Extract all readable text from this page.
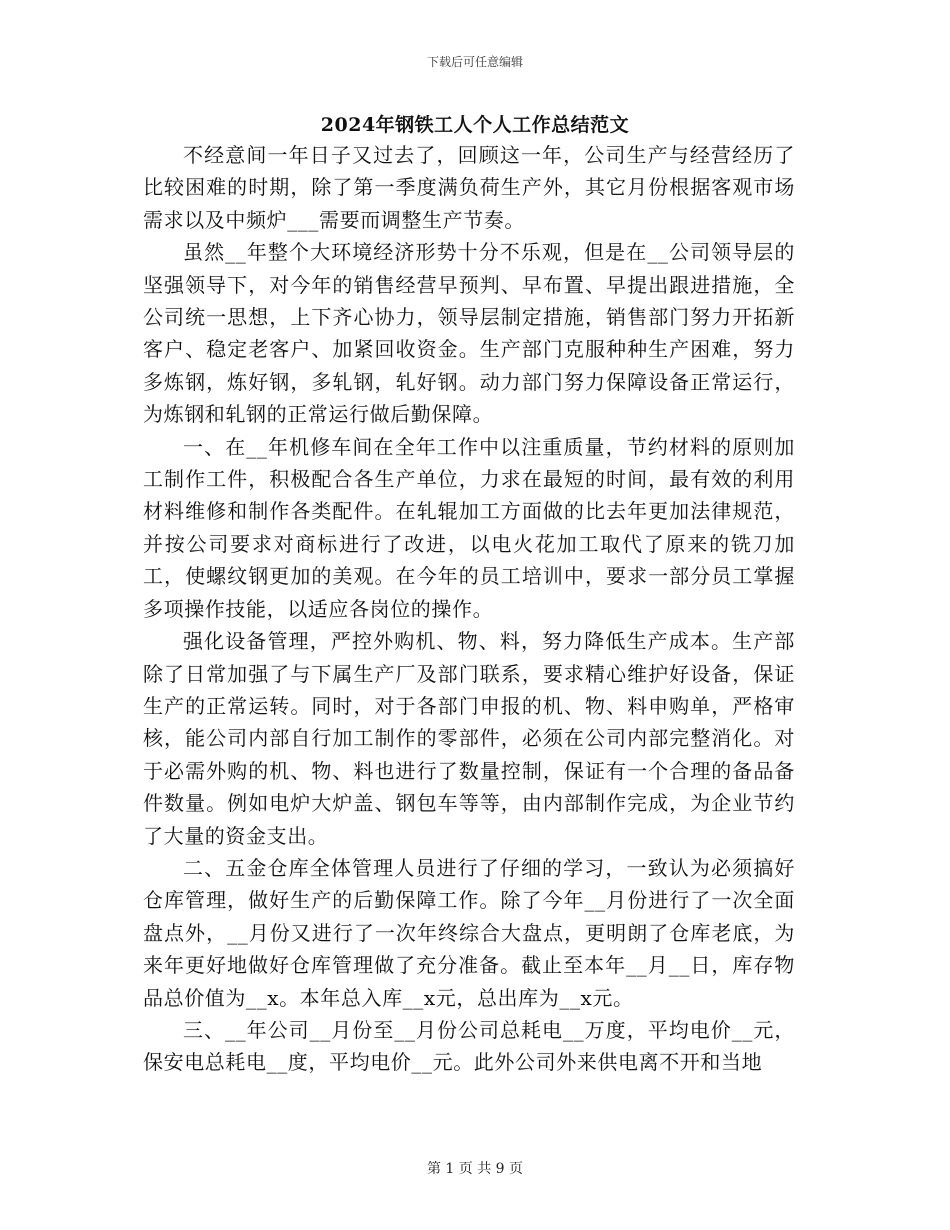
下载后可任意编辑
2024年钢铁工人个人工作总结范文

不经意间一年日子又过去了，回顾这一年，公司生产与经营经历了比较困难的时期，除了第一季度满负荷生产外，其它月份根据客观市场需求以及中频炉___需要而调整生产节奏。

虽然__年整个大环境经济形势十分不乐观，但是在__公司领导层的坚强领导下，对今年的销售经营早预判、早布置、早提出跟进措施，全公司统一思想，上下齐心协力，领导层制定措施，销售部门努力开拓新客户、稳定老客户、加紧回收资金。生产部门克服种种生产困难，努力多炼钢，炼好钢，多轧钢，轧好钢。动力部门努力保障设备正常运行，为炼钢和轧钢的正常运行做后勤保障。

一、在__年机修车间在全年工作中以注重质量，节约材料的原则加工制作工件，积极配合各生产单位，力求在最短的时间，最有效的利用材料维修和制作各类配件。在轧辊加工方面做的比去年更加法律规范，并按公司要求对商标进行了改进，以电火花加工取代了原来的铣刀加工，使螺纹钢更加的美观。在今年的员工培训中，要求一部分员工掌握多项操作技能，以适应各岗位的操作。

强化设备管理，严控外购机、物、料，努力降低生产成本。生产部除了日常加强了与下属生产厂及部门联系，要求精心维护好设备，保证生产的正常运转。同时，对于各部门申报的机、物、料申购单，严格审核，能公司内部自行加工制作的零部件，必须在公司内部完整消化。对于必需外购的机、物、料也进行了数量控制，保证有一个合理的备品备件数量。例如电炉大炉盖、钢包车等等，由内部制作完成，为企业节约了大量的资金支出。

二、五金仓库全体管理人员进行了仔细的学习，一致认为必须搞好仓库管理，做好生产的后勤保障工作。除了今年__月份进行了一次全面盘点外，__月份又进行了一次年终综合大盘点，更明朗了仓库老底，为来年更好地做好仓库管理做了充分准备。截止至本年__月__日，库存物品总价值为__x。本年总入库__x元，总出库为__x元。

三、__年公司__月份至__月份公司总耗电__万度，平均电价__元，保安电总耗电__度，平均电价__元。此外公司外来供电离不开和当地

第 1 页 共 9 页
